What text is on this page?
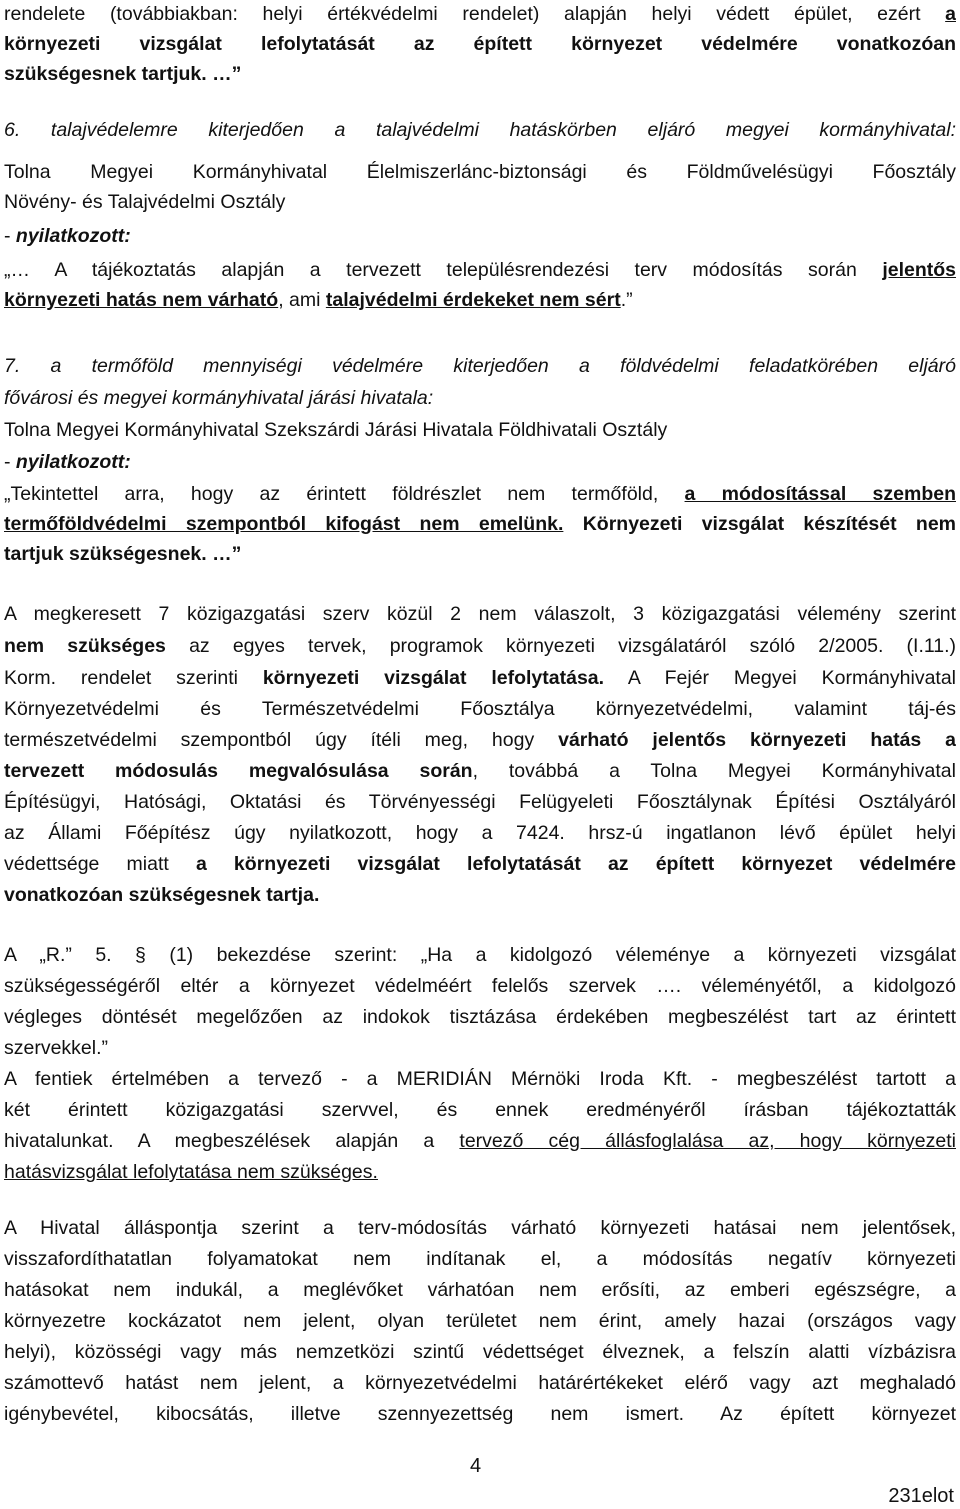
rendelete (továbbiakban: helyi értékvédelmi rendelet) alapján helyi védett épület, ezért a
környezeti vizsgálat lefolytatását az épített környezet védelmére vonatkozóan
szükségesnek tartjuk. …”
6. talajvédelemre kiterjedően a talajvédelmi hatáskörben eljáró megyei kormányhivatal:
Tolna Megyei Kormányhivatal Élelmiszerlánc-biztonsági és Földművelésügyi Főosztály
Növény- és Talajvédelmi Osztály
- nyilatkozott:
„… A tájékoztatás alapján a tervezett településrendezési terv módosítás során jelentős
környezeti hatás nem várható, ami talajvédelmi érdekeket nem sért.”
7. a termőföld mennyiségi védelmére kiterjedően a földvédelmi feladatkörében eljáró
fővárosi és megyei kormányhivatal járási hivatala:
Tolna Megyei Kormányhivatal Szekszárdi Járási Hivatala Földhivatali Osztály
- nyilatkozott:
„Tekintettel arra, hogy az érintett földrészlet nem termőföld, a módosítással szemben
termőföldvédelmi szempontból kifogást nem emelünk. Környezeti vizsgálat készítését nem
tartjuk szükségesnek. …”
A megkeresett 7 közigazgatási szerv közül 2 nem válaszolt, 3 közigazgatási vélemény szerint
nem szükséges az egyes tervek, programok környezeti vizsgálatáról szóló 2/2005. (I.11.)
Korm. rendelet szerinti környezeti vizsgálat lefolytatása. A Fejér Megyei Kormányhivatal
Környezetvédelmi és Természetvédelmi Főosztálya környezetvédelmi, valamint táj-és
természetvédelmi szempontból úgy ítéli meg, hogy várható jelentős környezeti hatás a
tervezett módosulás megvalósulása során, továbbá a Tolna Megyei Kormányhivatal
Építésügyi, Hatósági, Oktatási és Törvényességi Felügyeleti Főosztálynak Építési Osztályáról
az Állami Főépítész úgy nyilatkozott, hogy a 7424. hrsz-ú ingatlanon lévő épület helyi
védettsége miatt a környezeti vizsgálat lefolytatását az épített környezet védelmére
vonatkozóan szükségesnek tartja.
A „R.” 5. § (1) bekezdése szerint: „Ha a kidolgozó véleménye a környezeti vizsgálat
szükségességéről eltér a környezet védelméért felelős szervek …. véleményétől, a kidolgozó
végleges döntését megelőzően az indokok tisztázása érdekében megbeszélést tart az érintett
szervekkel.”
A fentiek értelmében a tervező - a MERIDIÁN Mérnöki Iroda Kft. - megbeszélést tartott a
két érintett közigazgatási szervvel, és ennek eredményéről írásban tájékoztatták
hivatalunkat. A megbeszélések alapján a tervező cég állásfoglalása az, hogy környezeti
hatásvizsgálat lefolytatása nem szükséges.
A Hivatal álláspontja szerint a terv-módosítás várható környezeti hatásai nem jelentősek,
visszafordíthatatlan folyamatokat nem indítanak el, a módosítás negatív környezeti
hatásokat nem indukál, a meglévőket várhatóan nem erősíti, az emberi egészségre, a
környezetre kockázatot nem jelent, olyan területet nem érint, amely hazai (országos vagy
helyi), közösségi vagy más nemzetközi szintű védettséget élveznek, a felszín alatti vízbázisra
számottevő hatást nem jelent, a környezetvédelmi határértékeket elérő vagy azt meghaladó
igénybevétel, kibocsátás, illetve szennyezettség nem ismert. Az épített környezet
4
231elot
